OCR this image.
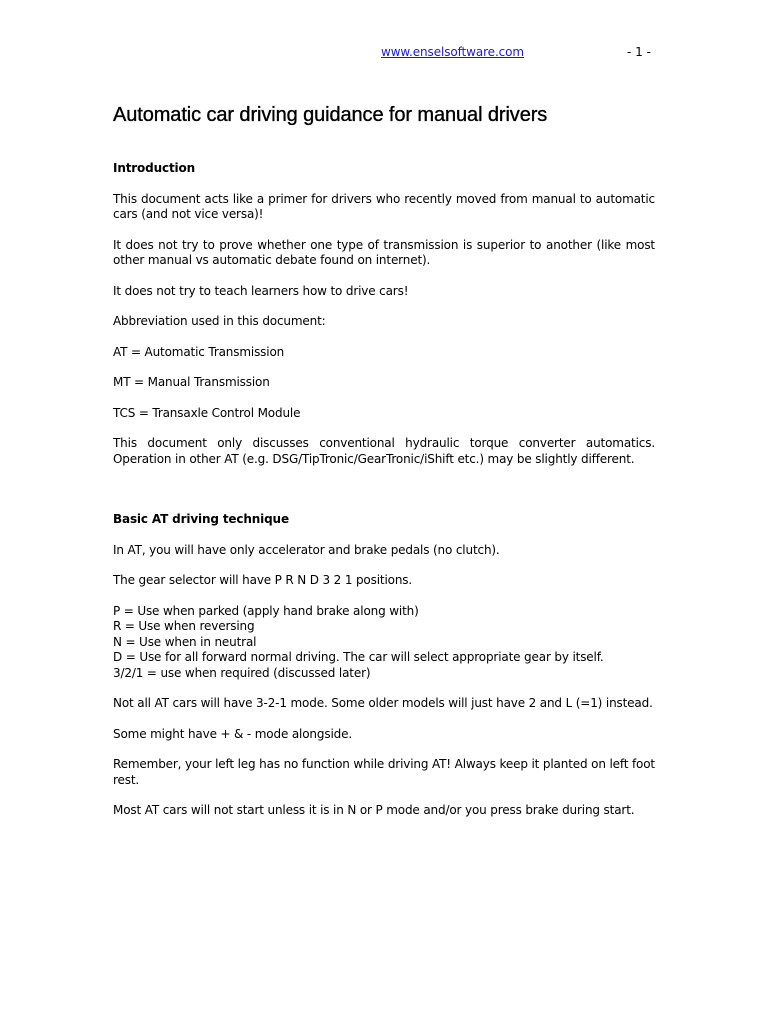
www.enselsoftware.com	- 1 -
Automatic car driving guidance for manual drivers

Introduction

This document acts like a primer for drivers who recently moved from manual to automatic cars (and not vice versa)!

It does not try to prove whether one type of transmission is superior to another (like most other manual vs automatic debate found on internet).

It does not try to teach learners how to drive cars!

Abbreviation used in this document:

AT = Automatic Transmission

MT = Manual Transmission

TCS = Transaxle Control Module

This document only discusses conventional hydraulic torque converter automatics. Operation in other AT (e.g. DSG/TipTronic/GearTronic/iShift etc.) may be slightly different.

Basic AT driving technique

In AT, you will have only accelerator and brake pedals (no clutch).

The gear selector will have P R N D 3 2 1 positions.

P = Use when parked (apply hand brake along with)
R = Use when reversing
N = Use when in neutral
D = Use for all forward normal driving. The car will select appropriate gear by itself.
3/2/1 = use when required (discussed later)

Not all AT cars will have 3-2-1 mode. Some older models will just have 2 and L (=1) instead.

Some might have + & - mode alongside.

Remember, your left leg has no function while driving AT! Always keep it planted on left foot rest.

Most AT cars will not start unless it is in N or P mode and/or you press brake during start.
